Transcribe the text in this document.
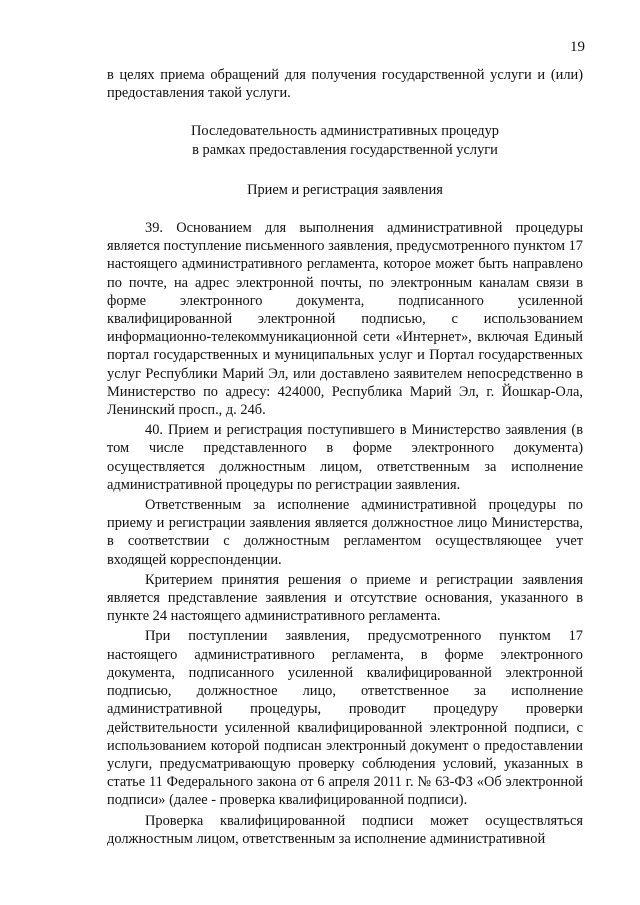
19

в целях приема обращений для получения государственной услуги и (или) предоставления такой услуги.

Последовательность административных процедур
в рамках предоставления государственной услуги
Прием и регистрация заявления

39. Основанием для выполнения административной процедуры является поступление письменного заявления, предусмотренного пунктом 17 настоящего административного регламента, которое может быть направлено по почте, на адрес электронной почты, по электронным каналам связи в форме электронного документа, подписанного усиленной квалифицированной электронной подписью, с использованием информационно-телекоммуникационной сети «Интернет», включая Единый портал государственных и муниципальных услуг и Портал государственных услуг Республики Марий Эл, или доставлено заявителем непосредственно в Министерство по адресу: 424000, Республика Марий Эл, г. Йошкар-Ола, Ленинский просп., д. 24б.

40. Прием и регистрация поступившего в Министерство заявления (в том числе представленного в форме электронного документа) осуществляется должностным лицом, ответственным за исполнение административной процедуры по регистрации заявления.

Ответственным за исполнение административной процедуры по приему и регистрации заявления является должностное лицо Министерства, в соответствии с должностным регламентом осуществляющее учет входящей корреспонденции.

Критерием принятия решения о приеме и регистрации заявления является представление заявления и отсутствие основания, указанного в пункте 24 настоящего административного регламента.

При поступлении заявления, предусмотренного пунктом 17 настоящего административного регламента, в форме электронного документа, подписанного усиленной квалифицированной электронной подписью, должностное лицо, ответственное за исполнение административной процедуры, проводит процедуру проверки действительности усиленной квалифицированной электронной подписи, с использованием которой подписан электронный документ о предоставлении услуги, предусматривающую проверку соблюдения условий, указанных в статье 11 Федерального закона от 6 апреля 2011 г. № 63-ФЗ «Об электронной подписи» (далее - проверка квалифицированной подписи).

Проверка квалифицированной подписи может осуществляться должностным лицом, ответственным за исполнение административной
